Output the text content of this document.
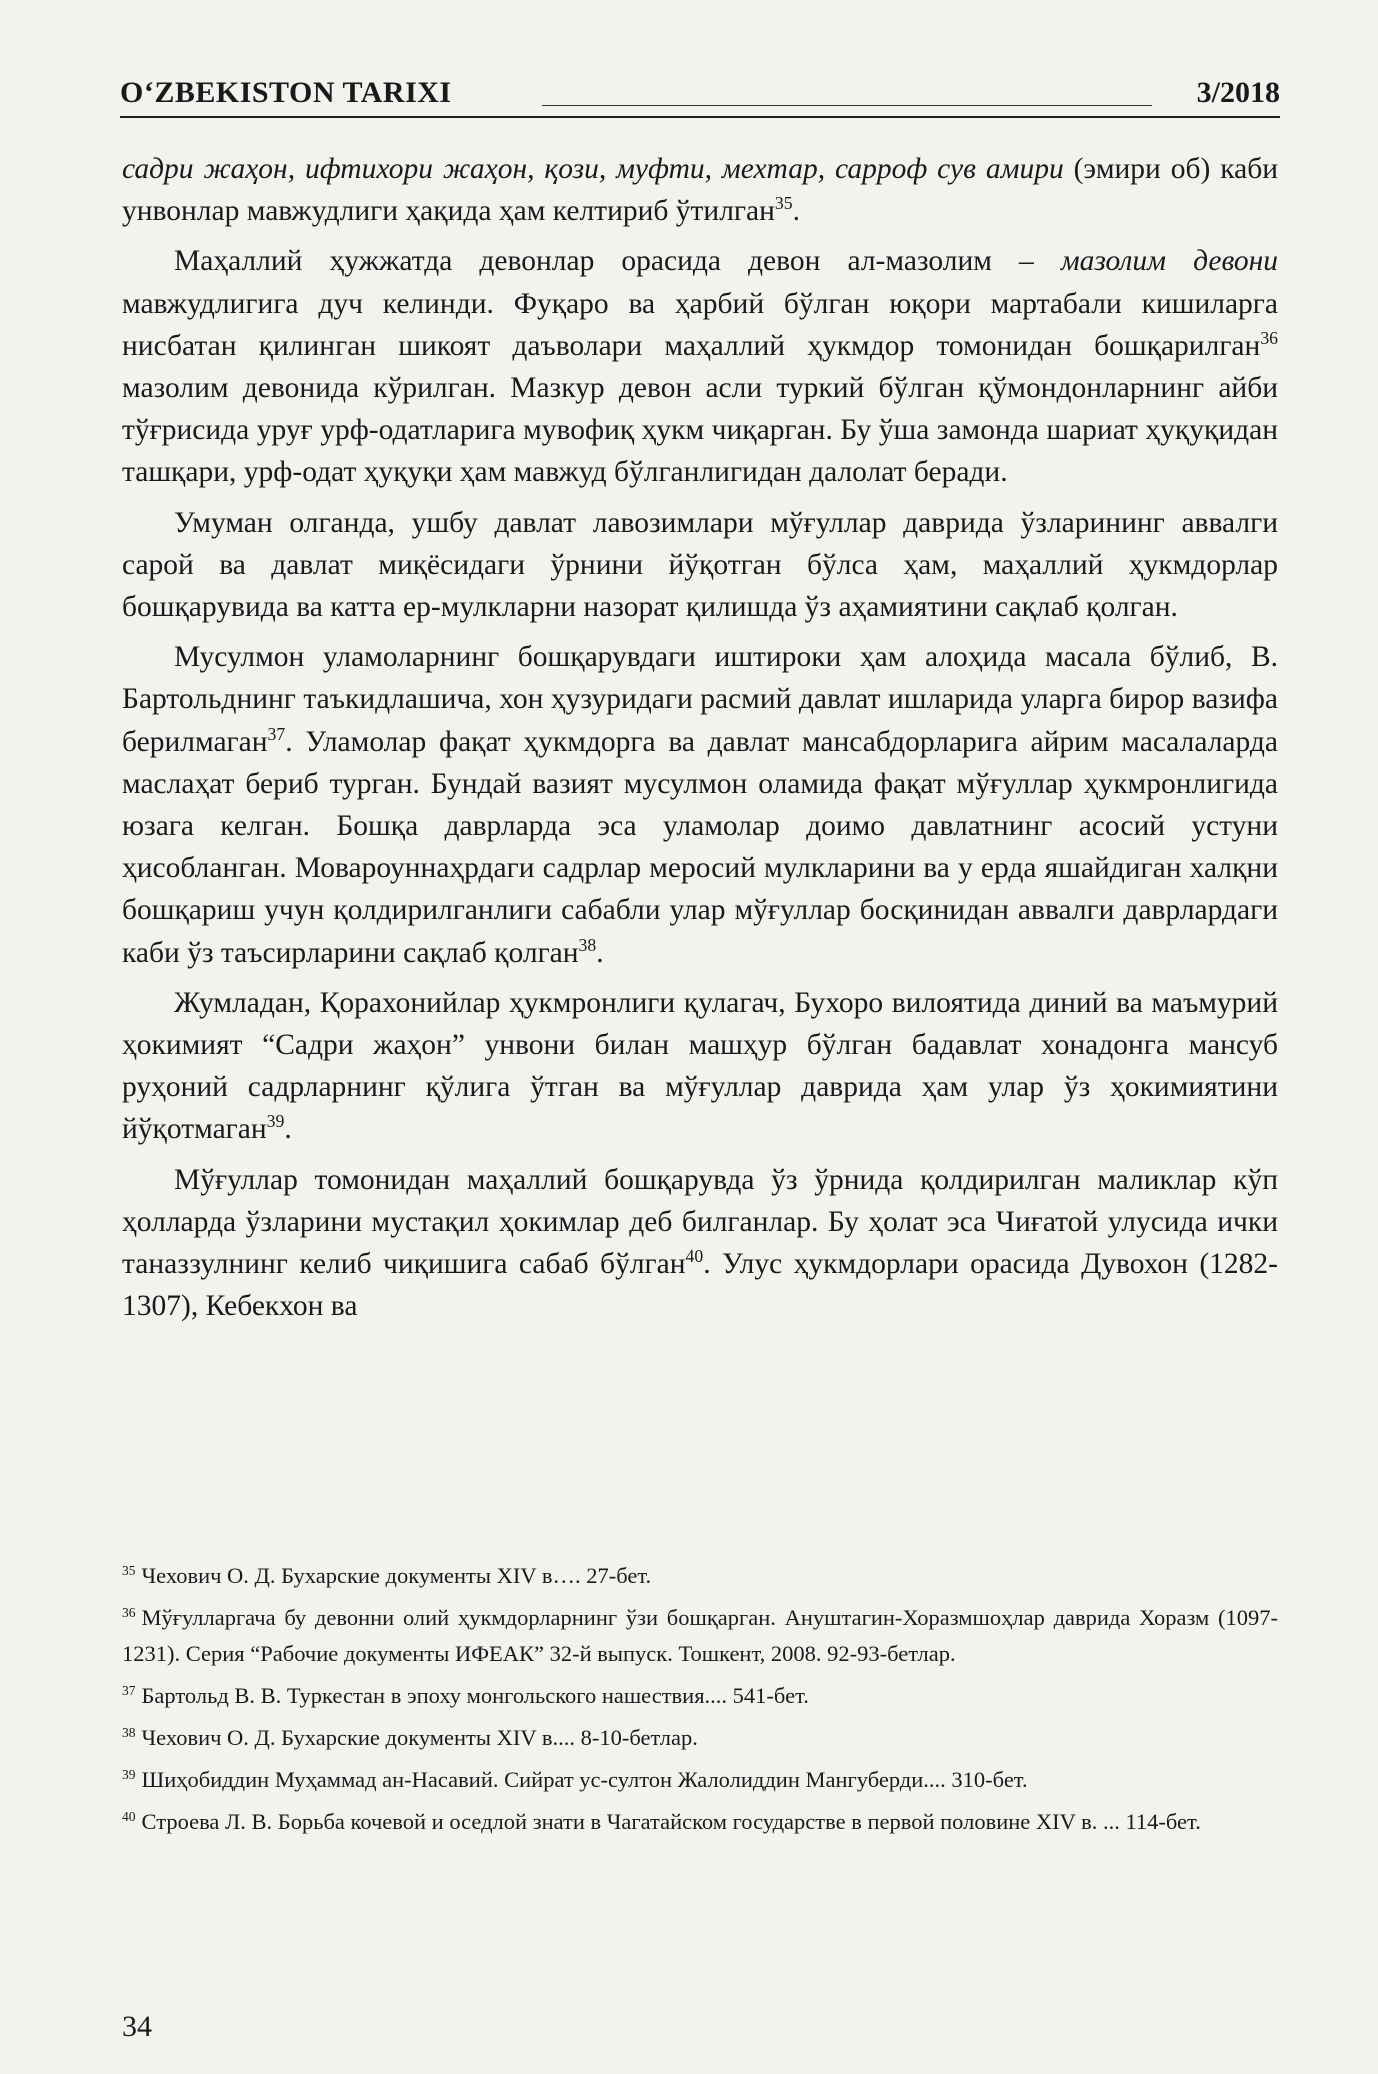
O‘ZBEKISTON TARIXI	3/2018

садри жаҳон, ифтихори жаҳон, қози, муфти, мехтар, сарроф сув амири (эмири об) каби унвонлар мавжудлиги ҳақида ҳам келтириб ўтилган$^{35}$.

Маҳаллий ҳужжатда девонлар орасида девон ал-мазолим – мазолим девони мавжудлигига дуч келинди. Фуқаро ва ҳарбий бўлган юқори мартабали кишиларга нисбатан қилинган шикоят даъволари маҳаллий ҳукмдор томонидан бошқарилган$^{36}$ мазолим девонида кўрилган. Мазкур девон асли туркий бўлган қўмондонларнинг айби тўғрисида уруғ урф-одатларига мувофиқ ҳукм чиқарган. Бу ўша замонда шариат ҳуқуқидан ташқари, урф-одат ҳуқуқи ҳам мавжуд бўлганлигидан далолат беради.

Умуман олганда, ушбу давлат лавозимлари мўғуллар даврида ўзларининг аввалги сарой ва давлат миқёсидаги ўрнини йўқотган бўлса ҳам, маҳаллий ҳукмдорлар бошқарувида ва катта ер-мулкларни назорат қилишда ўз аҳамиятини сақлаб қолган.

Мусулмон уламоларнинг бошқарувдаги иштироки ҳам алоҳида масала бўлиб, В. Бартольднинг таъкидлашича, хон ҳузуридаги расмий давлат ишларида уларга бирор вазифа берилмаган$^{37}$. Уламолар фақат ҳукмдорга ва давлат мансабдорларига айрим масалаларда маслаҳат бериб турган. Бундай вазият мусулмон оламида фақат мўғуллар ҳукмронлигида юзага келган. Бошқа даврларда эса уламолар доимо давлатнинг асосий устуни ҳисобланган. Мовароуннаҳрдаги садрлар меросий мулкларини ва у ерда яшайдиган халқни бошқариш учун қолдирилганлиги сабабли улар мўғуллар босқинидан аввалги даврлардаги каби ўз таъсирларини сақлаб қолган$^{38}$.

Жумладан, Қорахонийлар ҳукмронлиги қулагач, Бухоро вилоятида диний ва маъмурий ҳокимият “Садри жаҳон” унвони билан машҳур бўлган бадавлат хонадонга мансуб руҳоний садрларнинг қўлига ўтган ва мўғуллар даврида ҳам улар ўз ҳокимиятини йўқотмаган$^{39}$.

Мўғуллар томонидан маҳаллий бошқарувда ўз ўрнида қолдирилган маликлар кўп ҳолларда ўзларини мустақил ҳокимлар деб билганлар. Бу ҳолат эса Чиғатой улусида ички таназзулнинг келиб чиқишига сабаб бўлган$^{40}$. Улус ҳукмдорлари орасида Дувохон (1282-1307), Кебекхон ва

$^{35}$ Чехович О. Д. Бухарские документы XIV в…. 27-бет.

$^{36}$ Мўғулларгача бу девонни олий ҳукмдорларнинг ўзи бошқарган. Ануштагин-Хоразмшоҳлар даврида Хоразм (1097-1231). Серия “Рабочие документы ИФЕАК” 32-й выпуск. Тошкент, 2008. 92-93-бетлар.

$^{37}$ Бартольд В. В. Туркестан в эпоху монгольского нашествия.... 541-бет.

$^{38}$ Чехович О. Д. Бухарские документы XIV в.... 8-10-бетлар.

$^{39}$ Шиҳобиддин Муҳаммад ан-Насавий. Сийрат ус-султон Жалолиддин Мангуберди.... 310-бет.

$^{40}$ Строева Л. В. Борьба кочевой и оседлой знати в Чагатайском государстве в первой половине XIV в. ... 114-бет.

34
